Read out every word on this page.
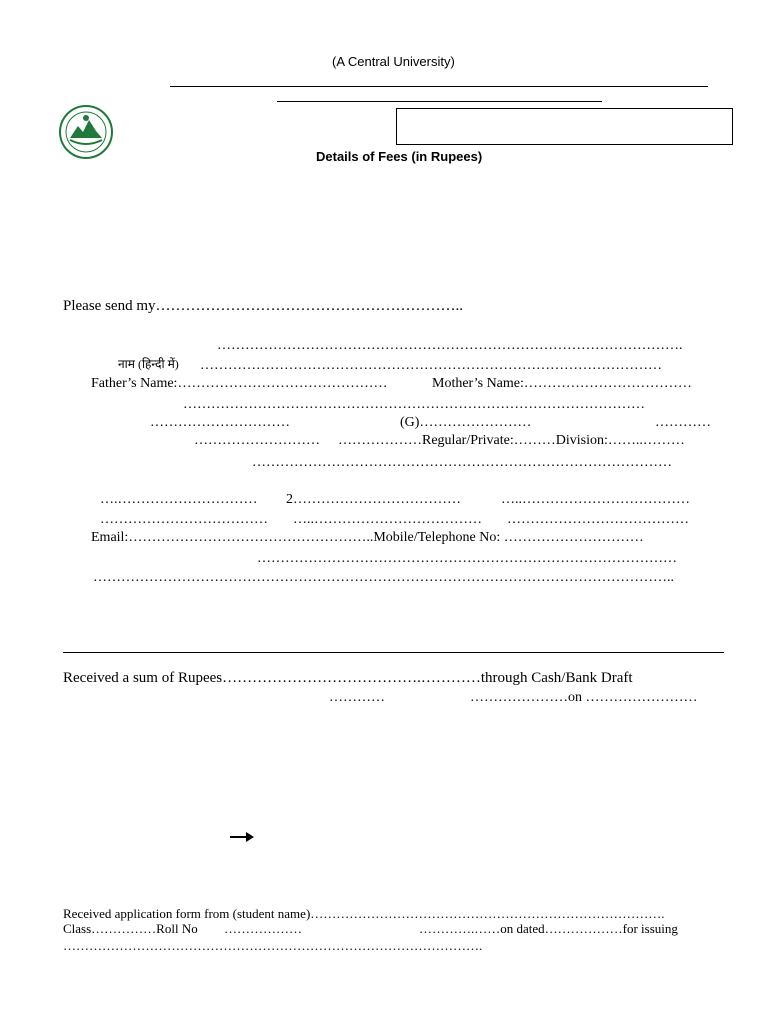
(A Central University)
Details of Fees (in Rupees)
Please send my……………………………………………………..
……………………………………………………………………………………….
नाम (हिन्दी में) ………………………………………………………………………………………
Father’s Name:………………………………………	Mother’s Name:………………………………
………………………………………………………………………………………
…………………………	(G)……………………	…………
……………………… ………………Regular/Private:………Division:……..………
………………………………………………………………………………
….………………………… 2………………………………	…..………………………………
……………………………… …..……………………………… …………………………………
Email:……………………………………………..Mobile/Telephone No: …………………………
………………………………………………………………………………
……………………………………………………………………………………………………………..
Received a sum of Rupees………………………………….…………through Cash/Bank Draft
…………	…………………on ……………………
Received application form from (student name)……………………………………………………………………….
Class……………Roll No ………………	………….……on dated………………for issuing
…………………………………………………………………………………….
